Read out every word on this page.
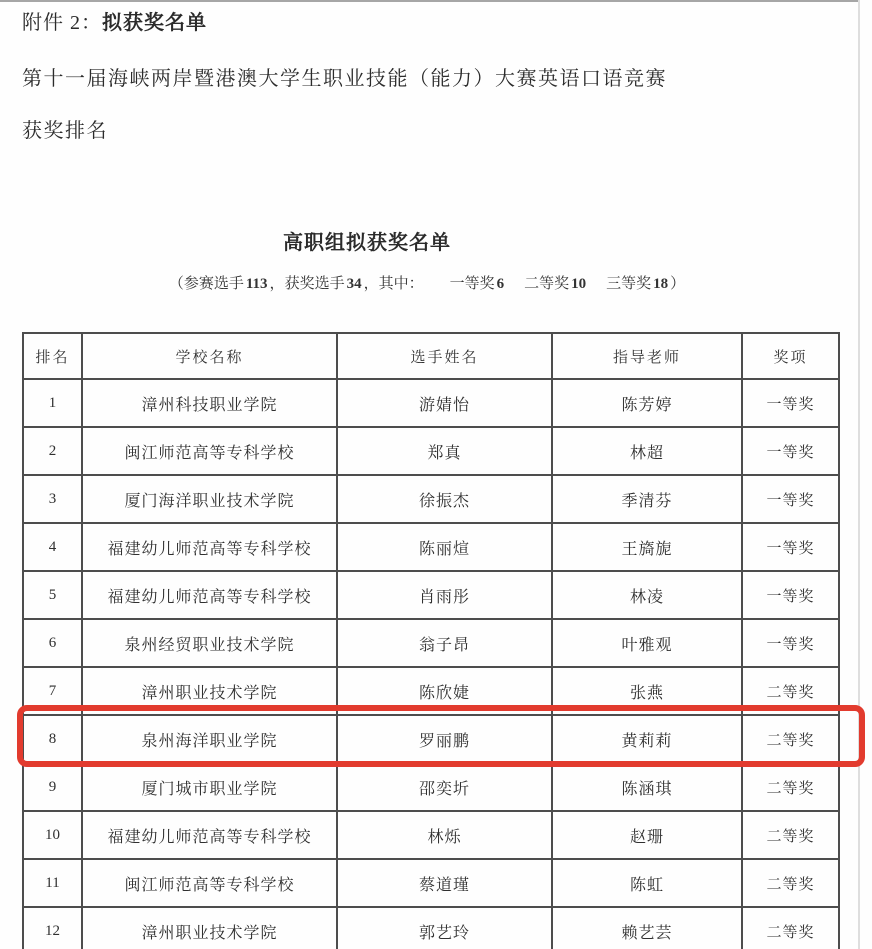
附件 2：拟获奖名单
第十一届海峡两岸暨港澳大学生职业技能（能力）大赛英语口语竞赛
获奖排名
高职组拟获奖名单
（参赛选手 113 ，获奖选手 34 ，其中： 一等奖 6 二等奖 10 三等奖 18 ）
排名	学校名称	选手姓名	指导老师	奖项
1	漳州科技职业学院	游婧怡	陈芳婷	一等奖
2	闽江师范高等专科学校	郑真	林超	一等奖
3	厦门海洋职业技术学院	徐振杰	季清芬	一等奖
4	福建幼儿师范高等专科学校	陈丽煊	王旖旎	一等奖
5	福建幼儿师范高等专科学校	肖雨彤	林凌	一等奖
6	泉州经贸职业技术学院	翁子昂	叶雅观	一等奖
7	漳州职业技术学院	陈欣婕	张燕	二等奖
8	泉州海洋职业学院	罗丽鹏	黄莉莉	二等奖
9	厦门城市职业学院	邵奕圻	陈涵琪	二等奖
10	福建幼儿师范高等专科学校	林烁	赵珊	二等奖
11	闽江师范高等专科学校	蔡道瑾	陈虹	二等奖
12	漳州职业技术学院	郭艺玲	赖艺芸	二等奖
